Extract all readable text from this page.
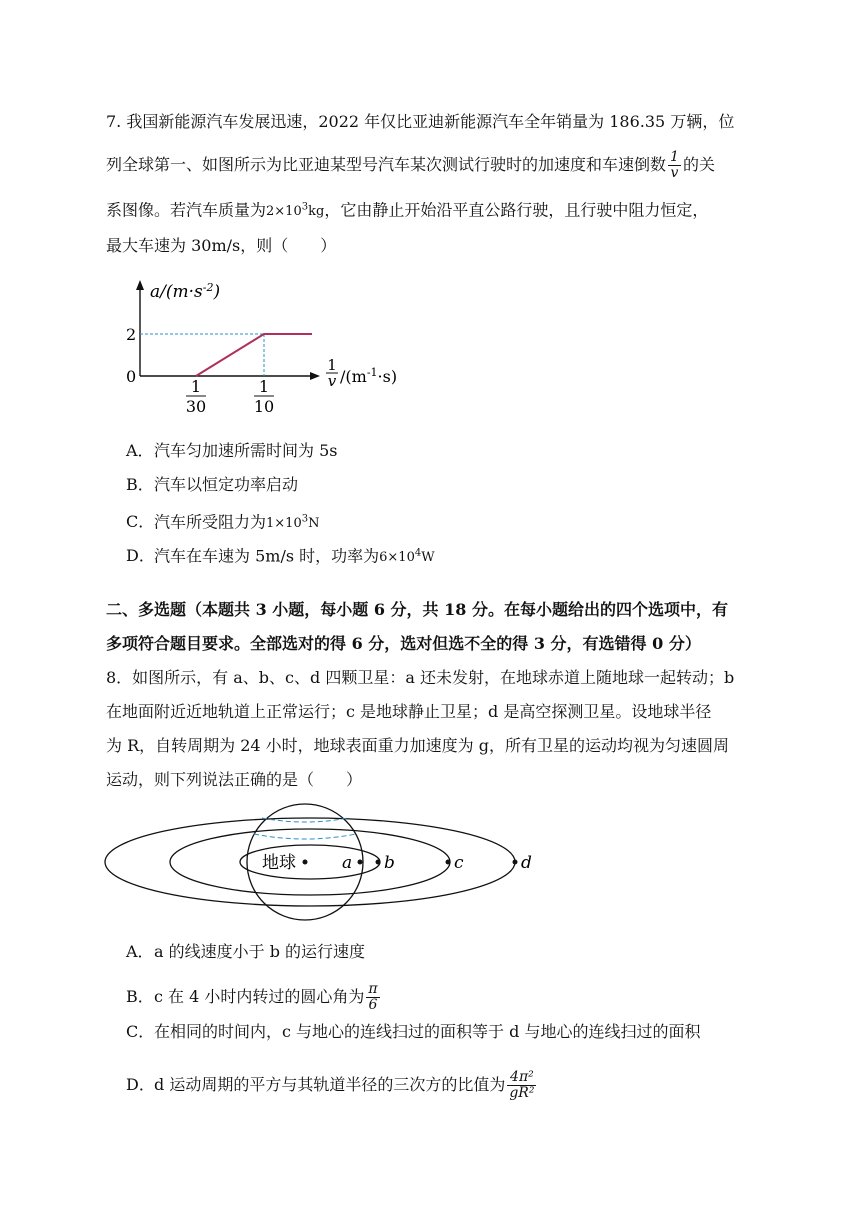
7. 我国新能源汽车发展迅速，2022 年仅比亚迪新能源汽车全年销量为 186.35 万辆，位
列全球第一、如图所示为比亚迪某型号汽车某次测试行驶时的加速度和车速倒数 $\frac{1}{v}$ 的关
系图像。若汽车质量为$2\times 10^3kg$，它由静止开始沿平直公路行驶，且行驶中阻力恒定，
最大车速为 30m/s，则（　　）
$a/(m\cdot s^{-2})$
2
0
1
30
1
10
1
v $/(m^{-1}\cdot s)$
A．汽车匀加速所需时间为 5s
B．汽车以恒定功率启动
C．汽车所受阻力为$1\times 10^3N$
D．汽车在车速为 5m/s 时，功率为$6\times 10^4W$
二、多选题（本题共 3 小题，每小题 6 分，共 18 分。在每小题给出的四个选项中，有
多项符合题目要求。全部选对的得 6 分，选对但选不全的得 3 分，有选错得 0 分）
8．如图所示，有 a、b、c、d 四颗卫星：a 还未发射，在地球赤道上随地球一起转动；b
在地面附近近地轨道上正常运行；c 是地球静止卫星；d 是高空探测卫星。设地球半径
为 R，自转周期为 24 小时，地球表面重力加速度为 g，所有卫星的运动均视为匀速圆周
运动，则下列说法正确的是（　　）
地球	a b	c	d
A．a 的线速度小于 b 的运行速度
B．c 在 4 小时内转过的圆心角为 $\frac{\pi}{6}$
C．在相同的时间内，c 与地心的连线扫过的面积等于 d 与地心的连线扫过的面积
D．d 运动周期的平方与其轨道半径的三次方的比值为 $\frac{\text{4π²}}{\text{gR²}}$
